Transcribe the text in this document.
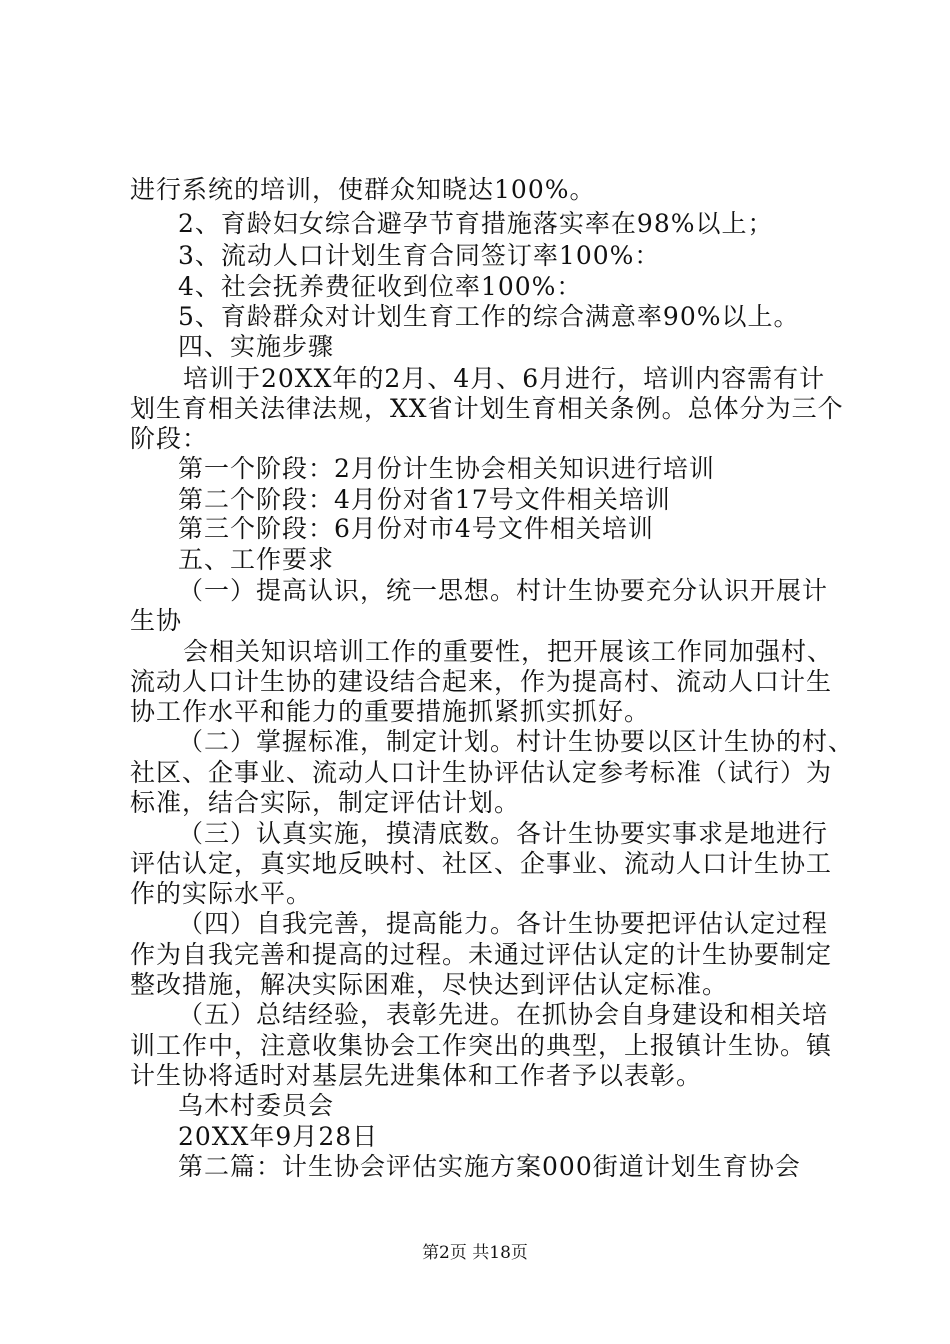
进行系统的培训，使群众知晓达100%。
2、育龄妇女综合避孕节育措施落实率在98%以上；
3、流动人口计划生育合同签订率100%：
4、社会抚养费征收到位率100%：
5、育龄群众对计划生育工作的综合满意率90%以上。
四、实施步骤
培训于20XX年的2月、4月、6月进行，培训内容需有计
划生育相关法律法规，XX省计划生育相关条例。总体分为三个
阶段：
第一个阶段：2月份计生协会相关知识进行培训
第二个阶段：4月份对省17号文件相关培训
第三个阶段：6月份对市4号文件相关培训
五、工作要求
（一）提高认识，统一思想。村计生协要充分认识开展计
生协
会相关知识培训工作的重要性，把开展该工作同加强村、
流动人口计生协的建设结合起来，作为提高村、流动人口计生
协工作水平和能力的重要措施抓紧抓实抓好。
（二）掌握标准，制定计划。村计生协要以区计生协的村、
社区、企事业、流动人口计生协评估认定参考标准（试行）为
标准，结合实际，制定评估计划。
（三）认真实施，摸清底数。各计生协要实事求是地进行
评估认定，真实地反映村、社区、企事业、流动人口计生协工
作的实际水平。
（四）自我完善，提高能力。各计生协要把评估认定过程
作为自我完善和提高的过程。未通过评估认定的计生协要制定
整改措施，解决实际困难，尽快达到评估认定标准。
（五）总结经验，表彰先进。在抓协会自身建设和相关培
训工作中，注意收集协会工作突出的典型，上报镇计生协。镇
计生协将适时对基层先进集体和工作者予以表彰。
乌木村委员会
20XX年9月28日
第二篇：计生协会评估实施方案000街道计划生育协会
第2页 共18页
